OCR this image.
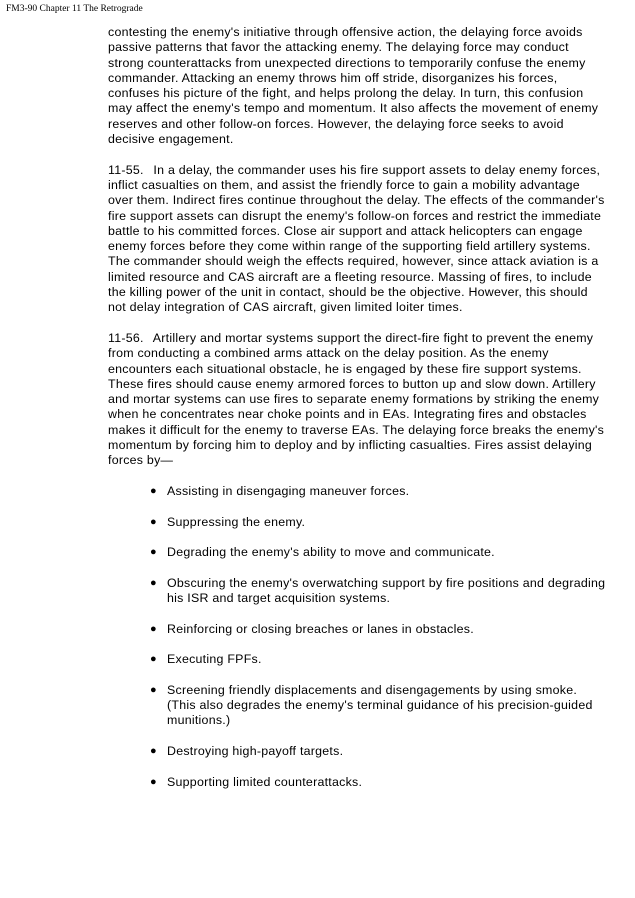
FM3-90 Chapter 11 The Retrograde

contesting the enemy's initiative through offensive action, the delaying force avoids passive patterns that favor the attacking enemy. The delaying force may conduct strong counterattacks from unexpected directions to temporarily confuse the enemy commander. Attacking an enemy throws him off stride, disorganizes his forces, confuses his picture of the fight, and helps prolong the delay. In turn, this confusion may affect the enemy's tempo and momentum. It also affects the movement of enemy reserves and other follow-on forces. However, the delaying force seeks to avoid decisive engagement.

11-55. In a delay, the commander uses his fire support assets to delay enemy forces, inflict casualties on them, and assist the friendly force to gain a mobility advantage over them. Indirect fires continue throughout the delay. The effects of the commander's fire support assets can disrupt the enemy's follow-on forces and restrict the immediate battle to his committed forces. Close air support and attack helicopters can engage enemy forces before they come within range of the supporting field artillery systems. The commander should weigh the effects required, however, since attack aviation is a limited resource and CAS aircraft are a fleeting resource. Massing of fires, to include the killing power of the unit in contact, should be the objective. However, this should not delay integration of CAS aircraft, given limited loiter times.

11-56. Artillery and mortar systems support the direct-fire fight to prevent the enemy from conducting a combined arms attack on the delay position. As the enemy encounters each situational obstacle, he is engaged by these fire support systems. These fires should cause enemy armored forces to button up and slow down. Artillery and mortar systems can use fires to separate enemy formations by striking the enemy when he concentrates near choke points and in EAs. Integrating fires and obstacles makes it difficult for the enemy to traverse EAs. The delaying force breaks the enemy's momentum by forcing him to deploy and by inflicting casualties. Fires assist delaying forces by—

● Assisting in disengaging maneuver forces.
● Suppressing the enemy.
● Degrading the enemy's ability to move and communicate.
● Obscuring the enemy's overwatching support by fire positions and degrading his ISR and target acquisition systems.
● Reinforcing or closing breaches or lanes in obstacles.
● Executing FPFs.
● Screening friendly displacements and disengagements by using smoke. (This also degrades the enemy's terminal guidance of his precision-guided munitions.)
● Destroying high-payoff targets.
● Supporting limited counterattacks.
